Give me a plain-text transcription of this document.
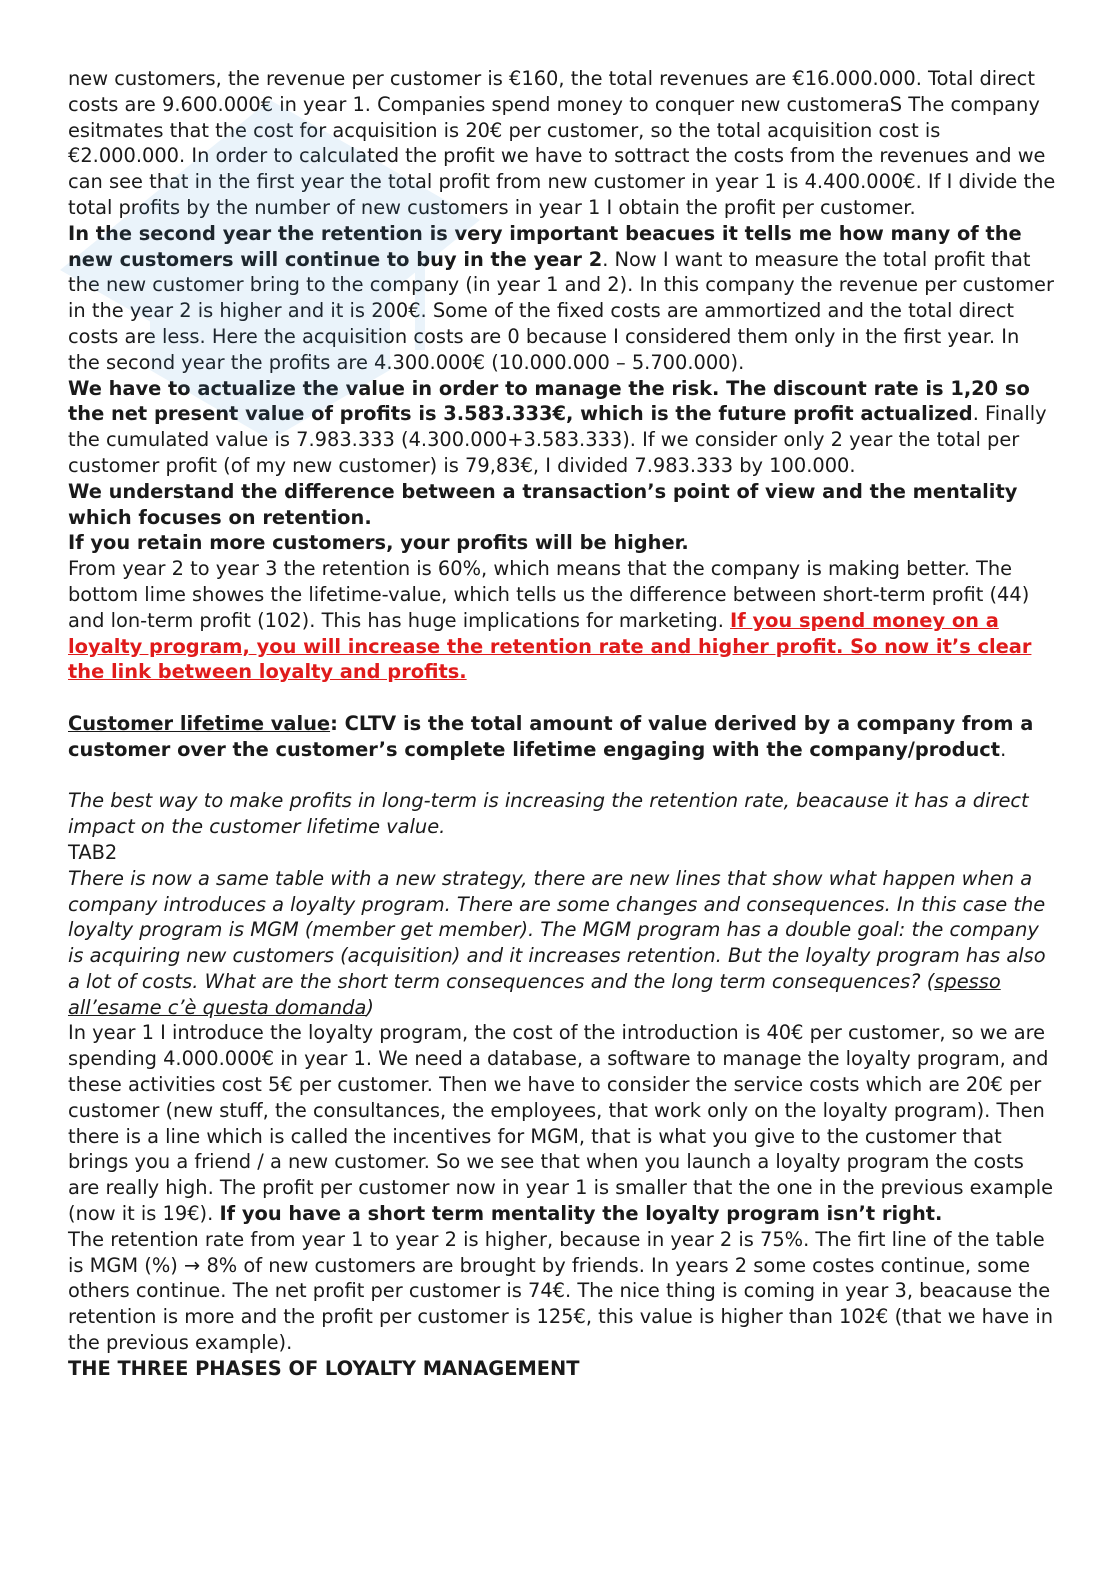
new customers, the revenue per customer is €160, the total revenues are €16.000.000. Total direct costs are 9.600.000€ in year 1. Companies spend money to conquer new customeraS The company esitmates that the cost for acquisition is 20€ per customer, so the total acquisition cost is €2.000.000. In order to calculated the profit we have to sottract the costs from the revenues and we can see that in the first year the total profit from new customer in year 1 is 4.400.000€. If I divide the total profits by the number of new customers in year 1 I obtain the profit per customer.

In the second year the retention is very important beacues it tells me how many of the new customers will continue to buy in the year 2. Now I want to measure the total profit that the new customer bring to the company (in year 1 and 2). In this company the revenue per customer in the year 2 is higher and it is 200€. Some of the fixed costs are ammortized and the total direct costs are less. Here the acquisition costs are 0 because I considered them only in the first year. In the second year the profits are 4.300.000€ (10.000.000 – 5.700.000).

We have to actualize the value in order to manage the risk. The discount rate is 1,20 so the net present value of profits is 3.583.333€, which is the future profit actualized. Finally the cumulated value is 7.983.333 (4.300.000+3.583.333). If we consider only 2 year the total per customer profit (of my new customer) is 79,83€, I divided 7.983.333 by 100.000.

We understand the difference between a transaction’s point of view and the mentality which focuses on retention.

If you retain more customers, your profits will be higher.

From year 2 to year 3 the retention is 60%, which means that the company is making better. The bottom lime showes the lifetime-value, which tells us the difference between short-term profit (44) and lon-term profit (102). This has huge implications for marketing. If you spend money on a loyalty program, you will increase the retention rate and higher profit. So now it’s clear the link between loyalty and profits.

Customer lifetime value: CLTV is the total amount of value derived by a company from a customer over the customer’s complete lifetime engaging with the company/product.

The best way to make profits in long-term is increasing the retention rate, beacause it has a direct impact on the customer lifetime value.

TAB2

There is now a same table with a new strategy, there are new lines that show what happen when a company introduces a loyalty program. There are some changes and consequences. In this case the loyalty program is MGM (member get member). The MGM program has a double goal: the company is acquiring new customers (acquisition) and it increases retention. But the loyalty program has also a lot of costs. What are the short term consequences and the long term consequences? (spesso all’esame c’è questa domanda)

In year 1 I introduce the loyalty program, the cost of the introduction is 40€ per customer, so we are spending 4.000.000€ in year 1. We need a database, a software to manage the loyalty program, and these activities cost 5€ per customer. Then we have to consider the service costs which are 20€ per customer (new stuff, the consultances, the employees, that work only on the loyalty program). Then there is a line which is called the incentives for MGM, that is what you give to the customer that brings you a friend / a new customer. So we see that when you launch a loyalty program the costs are really high. The profit per customer now in year 1 is smaller that the one in the previous example (now it is 19€). If you have a short term mentality the loyalty program isn’t right.

The retention rate from year 1 to year 2 is higher, because in year 2 is 75%. The firt line of the table is MGM (%) → 8% of new customers are brought by friends. In years 2 some costes continue, some others continue. The net profit per customer is 74€. The nice thing is coming in year 3, beacause the retention is more and the profit per customer is 125€, this value is higher than 102€ (that we have in the previous example).

THE THREE PHASES OF LOYALTY MANAGEMENT
